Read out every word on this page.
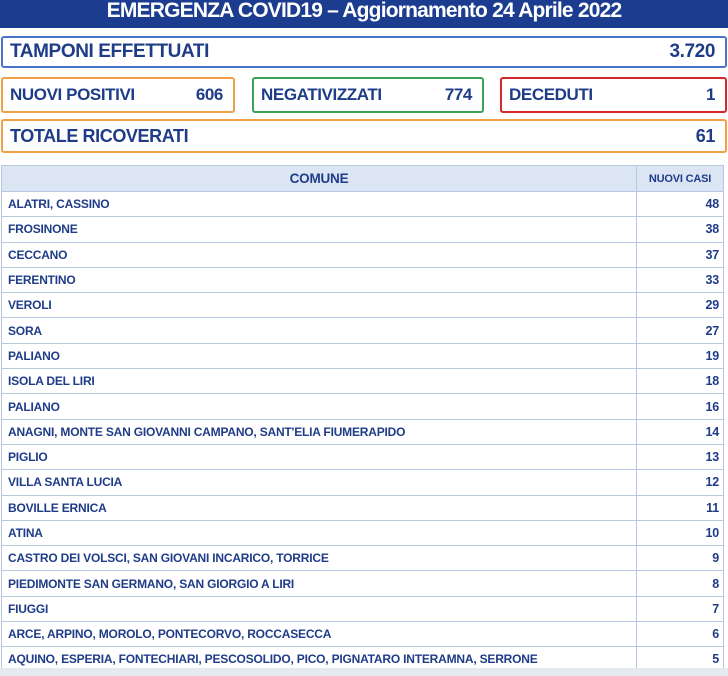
EMERGENZA COVID19 – Aggiornamento 24 Aprile 2022
TAMPONI EFFETTUATI	3.720
NUOVI POSITIVI	606	NEGATIVIZZATI	774	DECEDUTI	1
TOTALE RICOVERATI	61
COMUNE	NUOVI CASI
ALATRI, CASSINO	48
FROSINONE	38
CECCANO	37
FERENTINO	33
VEROLI	29
SORA	27
PALIANO	19
ISOLA DEL LIRI	18
PALIANO	16
ANAGNI, MONTE SAN GIOVANNI CAMPANO, SANT'ELIA FIUMERAPIDO	14
PIGLIO	13
VILLA SANTA LUCIA	12
BOVILLE ERNICA	11
ATINA	10
CASTRO DEI VOLSCI, SAN GIOVANI INCARICO, TORRICE	9
PIEDIMONTE SAN GERMANO, SAN GIORGIO A LIRI	8
FIUGGI	7
ARCE, ARPINO, MOROLO, PONTECORVO, ROCCASECCA	6
AQUINO, ESPERIA, FONTECHIARI, PESCOSOLIDO, PICO, PIGNATARO INTERAMNA, SERRONE	5
